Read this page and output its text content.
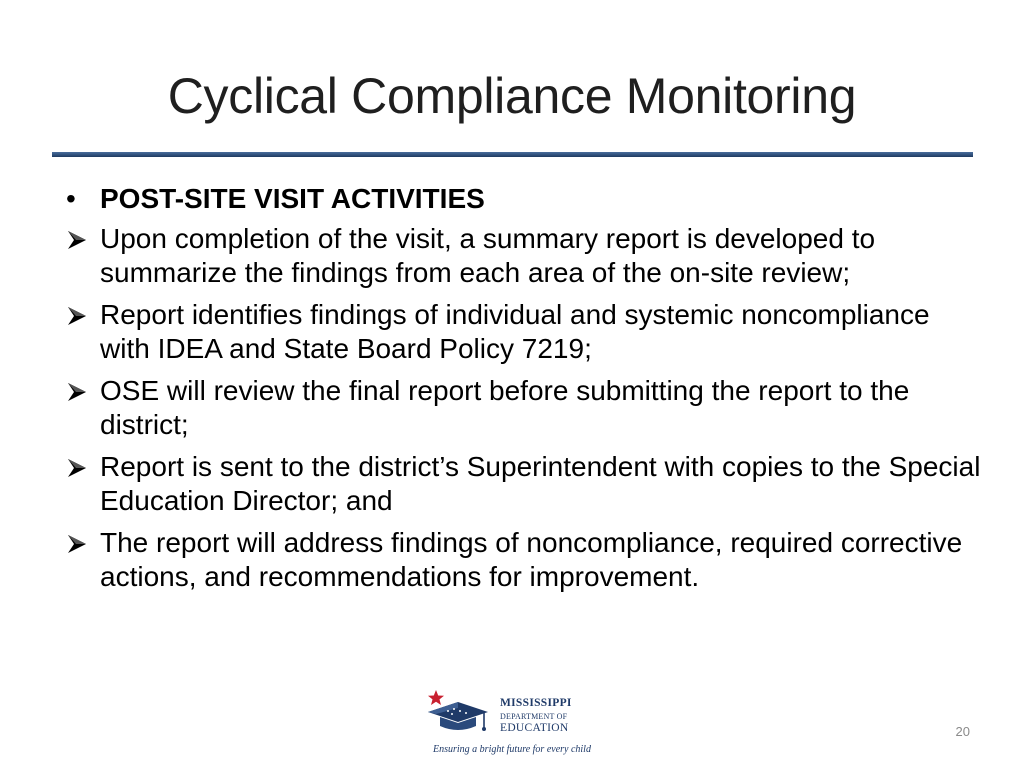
Cyclical Compliance Monitoring
• POST-SITE VISIT ACTIVITIES
Upon completion of the visit, a summary report is developed to summarize the findings from each area of the on-site review;
Report identifies findings of individual and systemic noncompliance with IDEA and State Board Policy 7219;
OSE will review the final report before submitting the report to the district;
Report is sent to the district’s Superintendent with copies to the Special Education Director; and
The report will address findings of noncompliance, required corrective actions, and recommendations for improvement.
MISSISSIPPI
DEPARTMENT OF
EDUCATION
Ensuring a bright future for every child
20
